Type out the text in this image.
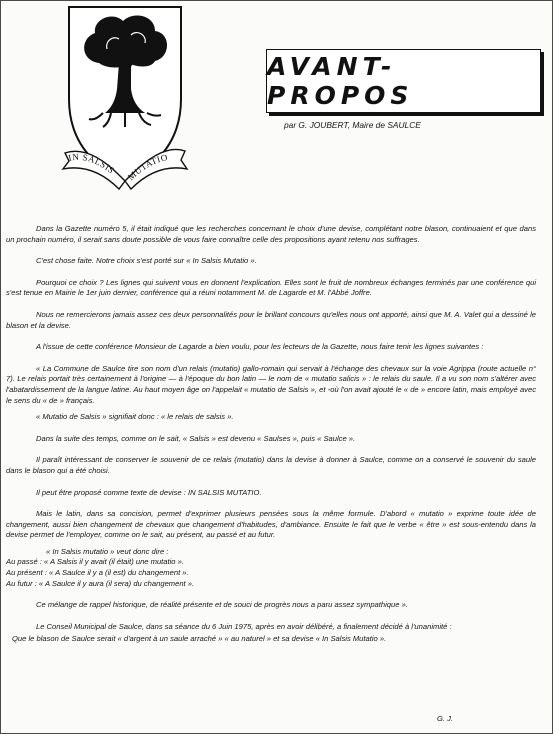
IN SALSIS MUTATIO
AVANT-PROPOS
par G. JOUBERT, Maire de SAULCE

Dans la Gazette numéro 5, il était indiqué que les recherches concernant le choix d'une devise, complétant notre blason, continuaient et que dans un prochain numéro, il serait sans doute possible de vous faire connaître celle des propositions ayant retenu nos suffrages.

C'est chose faite. Notre choix s'est porté sur « In Salsis Mutatio ».

Pourquoi ce choix ? Les lignes qui suivent vous en donnent l'explication. Elles sont le fruit de nombreux échanges terminés par une conférence qui s'est tenue en Mairie le 1er juin dernier, conférence qui a réuni notamment M. de Lagarde et M. l'Abbé Joffre.

Nous ne remercierons jamais assez ces deux personnalités pour le brillant concours qu'elles nous ont apporté, ainsi que M. A. Valet qui a dessiné le blason et la devise.

A l'issue de cette conférence Monsieur de Lagarde a bien voulu, pour les lecteurs de la Gazette, nous faire tenir les lignes suivantes :

« La Commune de Saulce tire son nom d'un relais (mutatio) gallo-romain qui servait à l'échange des chevaux sur la voie Agrippa (route actuelle n° 7). Le relais portait très certainement à l'origine — à l'époque du bon latin — le nom de « mutatio salicis » : le relais du saule. Il a vu son nom s'altérer avec l'abatardissement de la langue latine. Au haut moyen âge on l'appelait « mutatio de Salsis », et -où l'on avait ajouté le « de » encore latin, mais employé avec le sens du « de » français.

« Mutatio de Salsis » signifiait donc : « le relais de salsis ».

Dans la suite des temps, comme on le sait, « Salsis » est devenu « Saulses », puis « Saulce ».

Il paraît intéressant de conserver le souvenir de ce relais (mutatio) dans la devise à donner à Saulce, comme on a conservé le souvenir du saule dans le blason qui a été choisi.

Il peut être proposé comme texte de devise : IN SALSIS MUTATIO.

Mais le latin, dans sa concision, permet d'exprimer plusieurs pensées sous la même formule. D'abord « mutatio » exprime toute idée de changement, aussi bien changement de chevaux que changement d'habitudes, d'ambiance. Ensuite le fait que le verbe « être » est sous-entendu dans la devise permet de l'employer, comme on le sait, au présent, au passé et au futur.

« In Salsis mutatio » veut donc dire :

Au passé : « A Salsis il y avait (il était) une mutatio ».
Au présent : « A Saulce il y a (il est) du changement ».
Au futur : « A Saulce il y aura (il sera) du changement ».

Ce mélange de rappel historique, de réalité présente et de souci de progrès nous a paru assez sympathique ».

Le Conseil Municipal de Saulce, dans sa séance du 6 Juin 1975, après en avoir délibéré, a finalement décidé à l'unanimité :

Que le blason de Saulce serait « d'argent à un saule arraché » « au naturel » et sa devise « In Salsis Mutatio ».

G. J.
